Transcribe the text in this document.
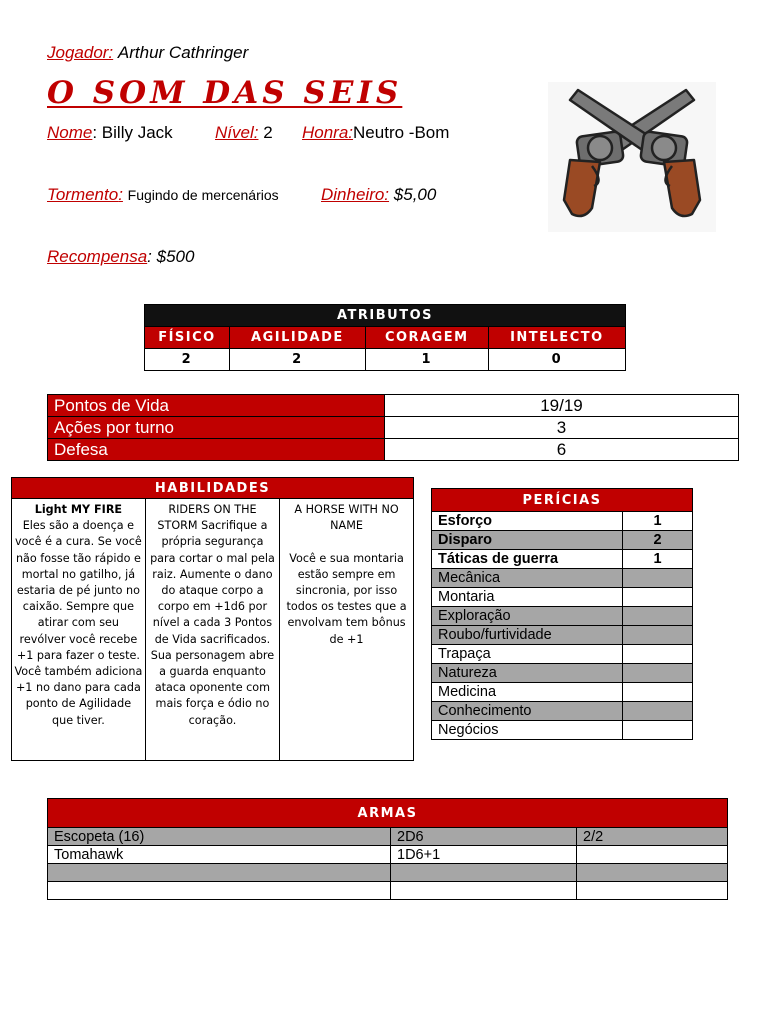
Jogador: Arthur Cathringer
O SOM DAS SEIS
Nome: Billy Jack Nível: 2 Honra:Neutro -Bom
Tormento: Fugindo de mercenários Dinheiro: $5,00
Recompensa: $500
ATRIBUTOS			
FÍSICO	AGILIDADE	CORAGEM	INTELECTO
2	2	1	0
Pontos de Vida	19/19
Ações por turno	3
Defesa	6
HABILIDADES
Light MY FIRE
Eles são a doença e você é a cura. Se você não fosse tão rápido e mortal no gatilho, já estaria de pé junto no caixão. Sempre que atirar com seu revólver você recebe +1 para fazer o teste. Você também adiciona +1 no dano para cada ponto de Agilidade que tiver.	RIDERS ON THE STORM Sacrifique a própria segurança para cortar o mal pela raiz. Aumente o dano do ataque corpo a corpo em +1d6 por nível a cada 3 Pontos de Vida sacrificados. Sua personagem abre a guarda enquanto ataca oponente com mais força e ódio no coração.	A HORSE WITH NO NAME

Você e sua montaria estão sempre em sincronia, por isso todos os testes que a envolvam tem bônus de +1
PERÍCIAS	
Esforço	1
Disparo	2
Táticas de guerra	1
Mecânica	
Montaria	
Exploração	
Roubo/furtividade	
Trapaça	
Natureza	
Medicina	
Conhecimento	
Negócios	
ARMAS		
Escopeta (16)	2D6	2/2
Tomahawk	1D6+1	
